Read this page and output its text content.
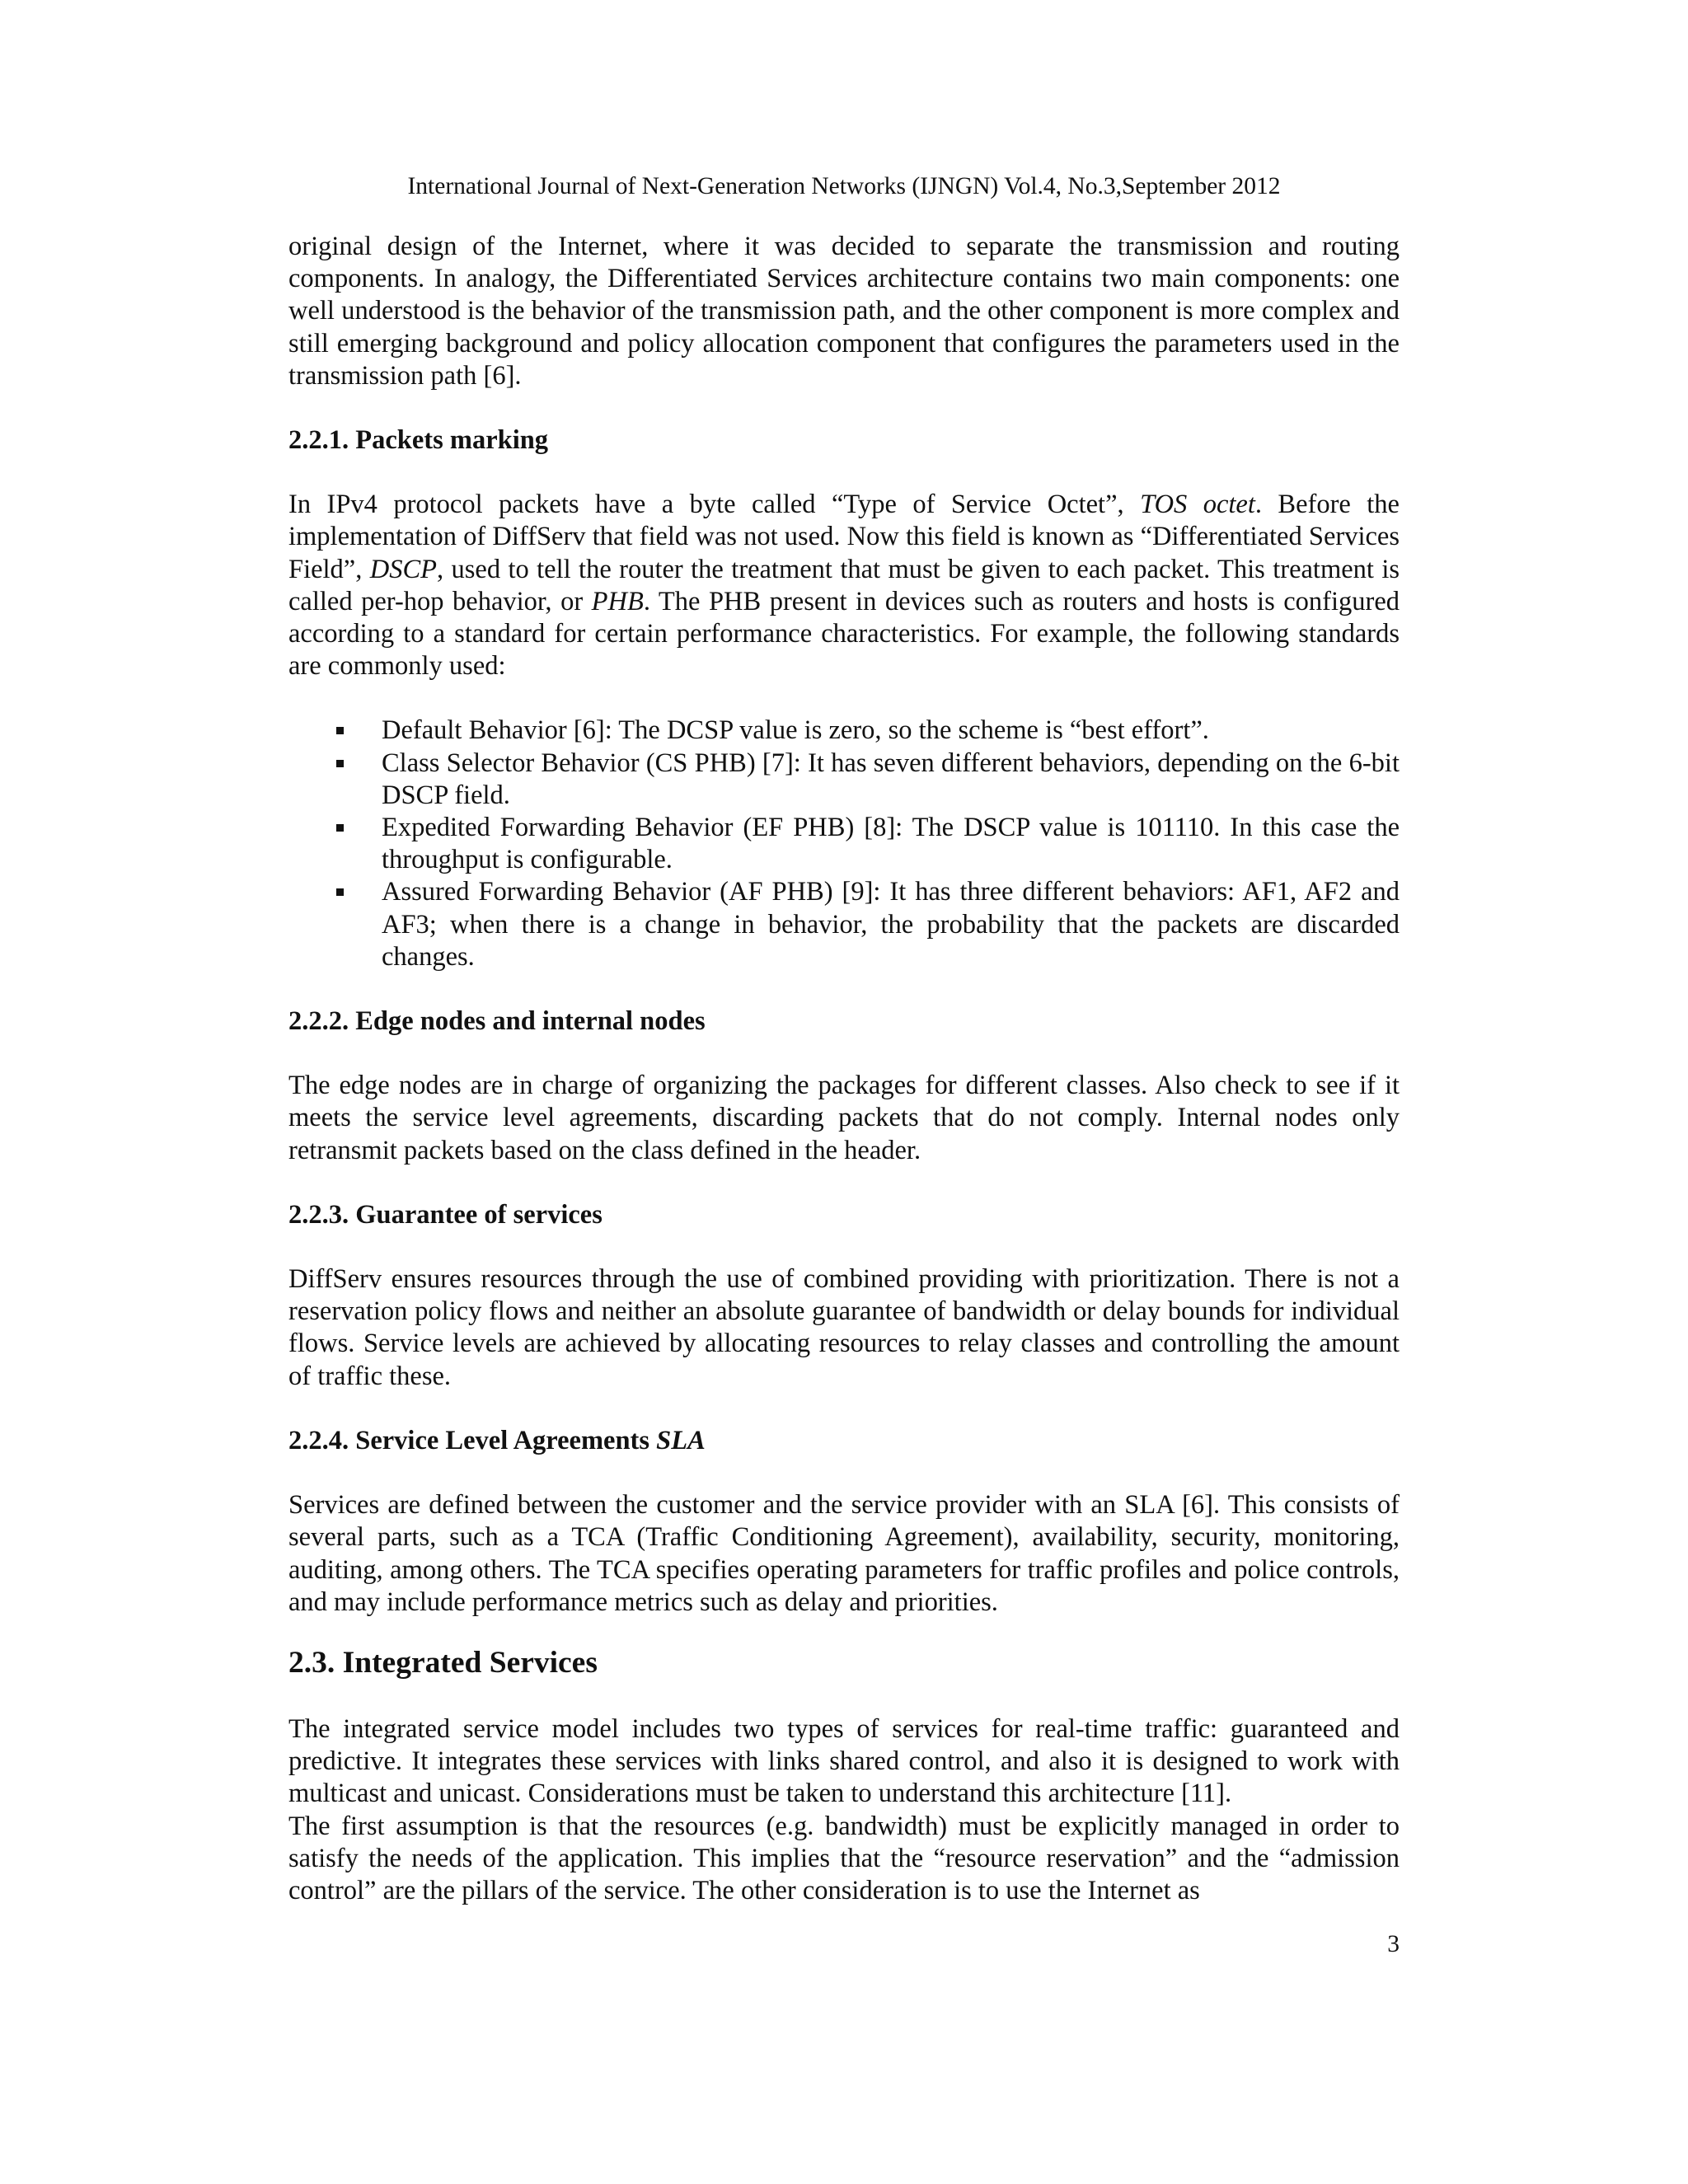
International Journal of Next-Generation Networks (IJNGN) Vol.4, No.3,September 2012

original design of the Internet, where it was decided to separate the transmission and routing components. In analogy, the Differentiated Services architecture contains two main components: one well understood is the behavior of the transmission path, and the other component is more complex and still emerging background and policy allocation component that configures the parameters used in the transmission path [6].

2.2.1. Packets marking

In IPv4 protocol packets have a byte called “Type of Service Octet”, TOS octet. Before the implementation of DiffServ that field was not used. Now this field is known as “Differentiated Services Field”, DSCP, used to tell the router the treatment that must be given to each packet. This treatment is called per-hop behavior, or PHB. The PHB present in devices such as routers and hosts is configured according to a standard for certain performance characteristics. For example, the following standards are commonly used:

Default Behavior [6]: The DCSP value is zero, so the scheme is “best effort”.
Class Selector Behavior (CS PHB) [7]: It has seven different behaviors, depending on the 6-bit DSCP field.
Expedited Forwarding Behavior (EF PHB) [8]: The DSCP value is 101110. In this case the throughput is configurable.
Assured Forwarding Behavior (AF PHB) [9]: It has three different behaviors: AF1, AF2 and AF3; when there is a change in behavior, the probability that the packets are discarded changes.

2.2.2. Edge nodes and internal nodes

The edge nodes are in charge of organizing the packages for different classes. Also check to see if it meets the service level agreements, discarding packets that do not comply. Internal nodes only retransmit packets based on the class defined in the header.

2.2.3. Guarantee of services

DiffServ ensures resources through the use of combined providing with prioritization. There is not a reservation policy flows and neither an absolute guarantee of bandwidth or delay bounds for individual flows. Service levels are achieved by allocating resources to relay classes and controlling the amount of traffic these.

2.2.4. Service Level Agreements SLA

Services are defined between the customer and the service provider with an SLA [6]. This consists of several parts, such as a TCA (Traffic Conditioning Agreement), availability, security, monitoring, auditing, among others. The TCA specifies operating parameters for traffic profiles and police controls, and may include performance metrics such as delay and priorities.

2.3. Integrated Services

The integrated service model includes two types of services for real-time traffic: guaranteed and predictive. It integrates these services with links shared control, and also it is designed to work with multicast and unicast. Considerations must be taken to understand this architecture [11].

The first assumption is that the resources (e.g. bandwidth) must be explicitly managed in order to satisfy the needs of the application. This implies that the “resource reservation” and the “admission control” are the pillars of the service. The other consideration is to use the Internet as

3
